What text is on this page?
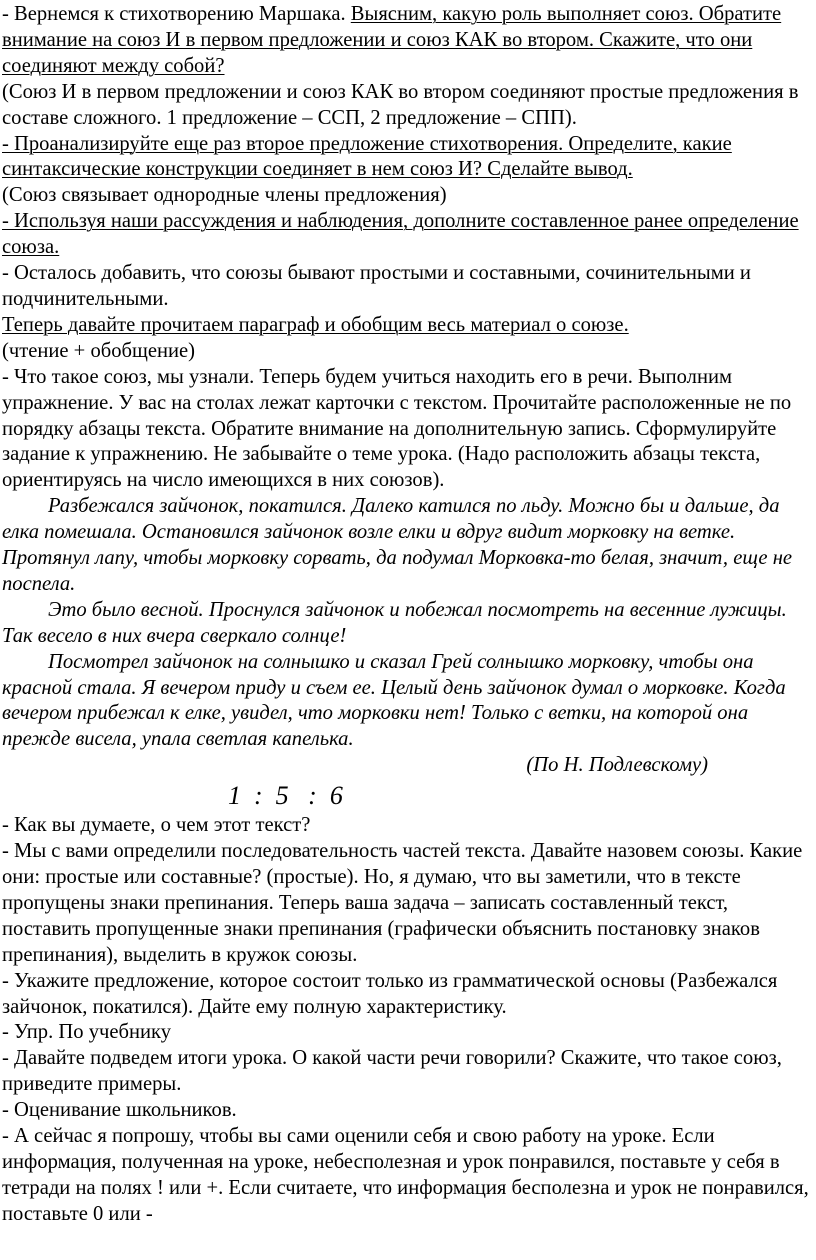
- Вернемся к стихотворению Маршака. Выясним, какую роль выполняет союз. Обратите внимание на союз И в первом предложении и союз КАК во втором. Скажите, что они соединяют между собой?

(Союз И в первом предложении и союз КАК во втором соединяют простые предложения в составе сложного. 1 предложение – ССП, 2 предложение – СПП).

- Проанализируйте еще раз второе предложение стихотворения. Определите, какие синтаксические конструкции соединяет в нем союз И? Сделайте вывод.

(Союз связывает однородные члены предложения)

- Используя наши рассуждения и наблюдения, дополните составленное ранее определение союза.

- Осталось добавить, что союзы бывают простыми и составными, сочинительными и подчинительными.

Теперь давайте прочитаем параграф и обобщим весь материал о союзе.

(чтение + обобщение)

- Что такое союз, мы узнали. Теперь будем учиться находить его в речи. Выполним упражнение. У вас на столах лежат карточки с текстом. Прочитайте расположенные не по порядку абзацы текста. Обратите внимание на дополнительную запись. Сформулируйте задание к упражнению. Не забывайте о теме урока. (Надо расположить абзацы текста, ориентируясь на число имеющихся в них союзов).

Разбежался зайчонок, покатился. Далеко катился по льду. Можно бы и дальше, да елка помешала. Остановился зайчонок возле елки и вдруг видит морковку на ветке. Протянул лапу, чтобы морковку сорвать, да подумал Морковка-то белая, значит, еще не поспела.

Это было весной. Проснулся зайчонок и побежал посмотреть на весенние лужицы. Так весело в них вчера сверкало солнце!

Посмотрел зайчонок на солнышко и сказал Грей солнышко морковку, чтобы она красной стала. Я вечером приду и съем ее. Целый день зайчонок думал о морковке. Когда вечером прибежал к елке, увидел, что морковки нет! Только с ветки, на которой она прежде висела, упала светлая капелька.

(По Н. Подлевскому)

1  :  5   :  6

- Как вы думаете, о чем этот текст?

- Мы с вами определили последовательность частей текста. Давайте назовем союзы. Какие они: простые или составные? (простые). Но, я думаю, что вы заметили, что в тексте пропущены знаки препинания. Теперь ваша задача – записать составленный текст, поставить пропущенные знаки препинания (графически объяснить постановку знаков препинания), выделить в кружок союзы.

- Укажите предложение, которое состоит только из грамматической основы (Разбежался зайчонок, покатился). Дайте ему полную характеристику.

- Упр. По учебнику

- Давайте подведем итоги урока. О какой части речи говорили? Скажите, что такое союз, приведите примеры.

- Оценивание школьников.

- А сейчас я попрошу, чтобы вы сами оценили себя и свою работу на уроке. Если информация, полученная на уроке, небесполезная и урок понравился, поставьте у себя в тетради на полях ! или +. Если считаете, что информация бесполезна и урок не понравился, поставьте 0 или -
